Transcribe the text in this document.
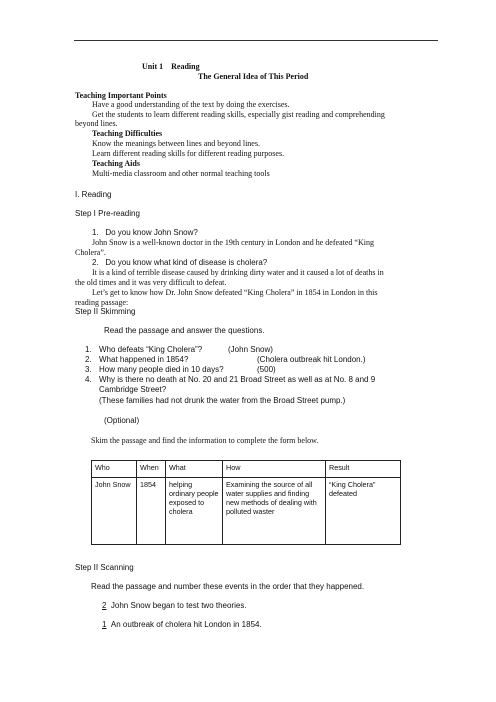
Unit 1 Reading
The General Idea of This Period
Teaching Important Points
Have a good understanding of the text by doing the exercises.
Get the students to learn different reading skills, especially gist reading and comprehending
beyond lines.
Teaching Difficulties
Know the meanings between lines and beyond lines.
Learn different reading skills for different reading purposes.
Teaching Aids
Multi-media classroom and other normal teaching tools
I. Reading
Step I Pre-reading
1. Do you know John Snow?
John Snow is a well-known doctor in the 19th century in London and he defeated “King
Cholera”.
2. Do you know what kind of disease is cholera?
It is a kind of terrible disease caused by drinking dirty water and it caused a lot of deaths in
the old times and it was very difficult to defeat.
Let’s get to know how Dr. John Snow defeated “King Cholera” in 1854 in London in this
reading passage:
Step II Skimming
Read the passage and answer the questions.
1. Who defeats “King Cholera”?	(John Snow)
2. What happened in 1854?	(Cholera outbreak hit London.)
3. How many people died in 10 days?	(500)
4. Why is there no death at No. 20 and 21 Broad Street as well as at No. 8 and 9
Cambridge Street?
(These families had not drunk the water from the Broad Street pump.)
(Optional)
Skim the passage and find the information to complete the form below.
Who	When	What	How	Result
John Snow	1854	helping ordinary people exposed to cholera	Examining the source of all water supplies and finding new methods of dealing with polluted waster	“King Cholera” defeated
Step II Scanning
Read the passage and number these events in the order that they happened.
2 John Snow began to test two theories.
1 An outbreak of cholera hit London in 1854.
